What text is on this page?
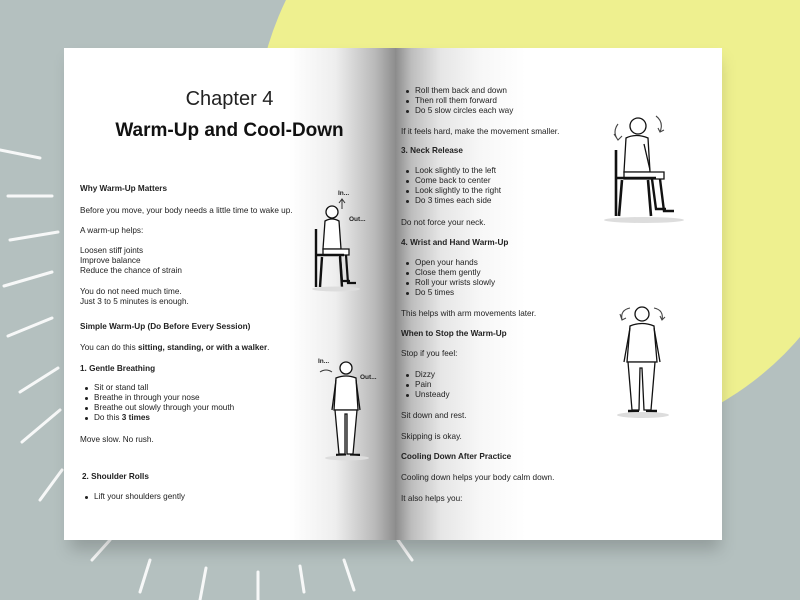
Chapter 4
Warm-Up and Cool-Down
Why Warm-Up Matters
Before you move, your body needs a little time to wake up.
A warm-up helps:
Loosen stiff joints
Improve balance
Reduce the chance of strain
You do not need much time.
Just 3 to 5 minutes is enough.
Simple Warm-Up (Do Before Every Session)
You can do this sitting, standing, or with a walker.
1. Gentle Breathing
Sit or stand tall
Breathe in through your nose
Breathe out slowly through your mouth
Do this 3 times
Move slow. No rush.
2. Shoulder Rolls
Lift your shoulders gently
In...
Out...
In...
Out...
Roll them back and down
Then roll them forward
Do 5 slow circles each way
If it feels hard, make the movement smaller.
3. Neck Release
Look slightly to the left
Come back to center
Look slightly to the right
Do 3 times each side
Do not force your neck.
4. Wrist and Hand Warm-Up
Open your hands
Close them gently
Roll your wrists slowly
Do 5 times
This helps with arm movements later.
When to Stop the Warm-Up
Stop if you feel:
Dizzy
Pain
Unsteady
Sit down and rest.
Skipping is okay.
Cooling Down After Practice
Cooling down helps your body calm down.
It also helps you:
